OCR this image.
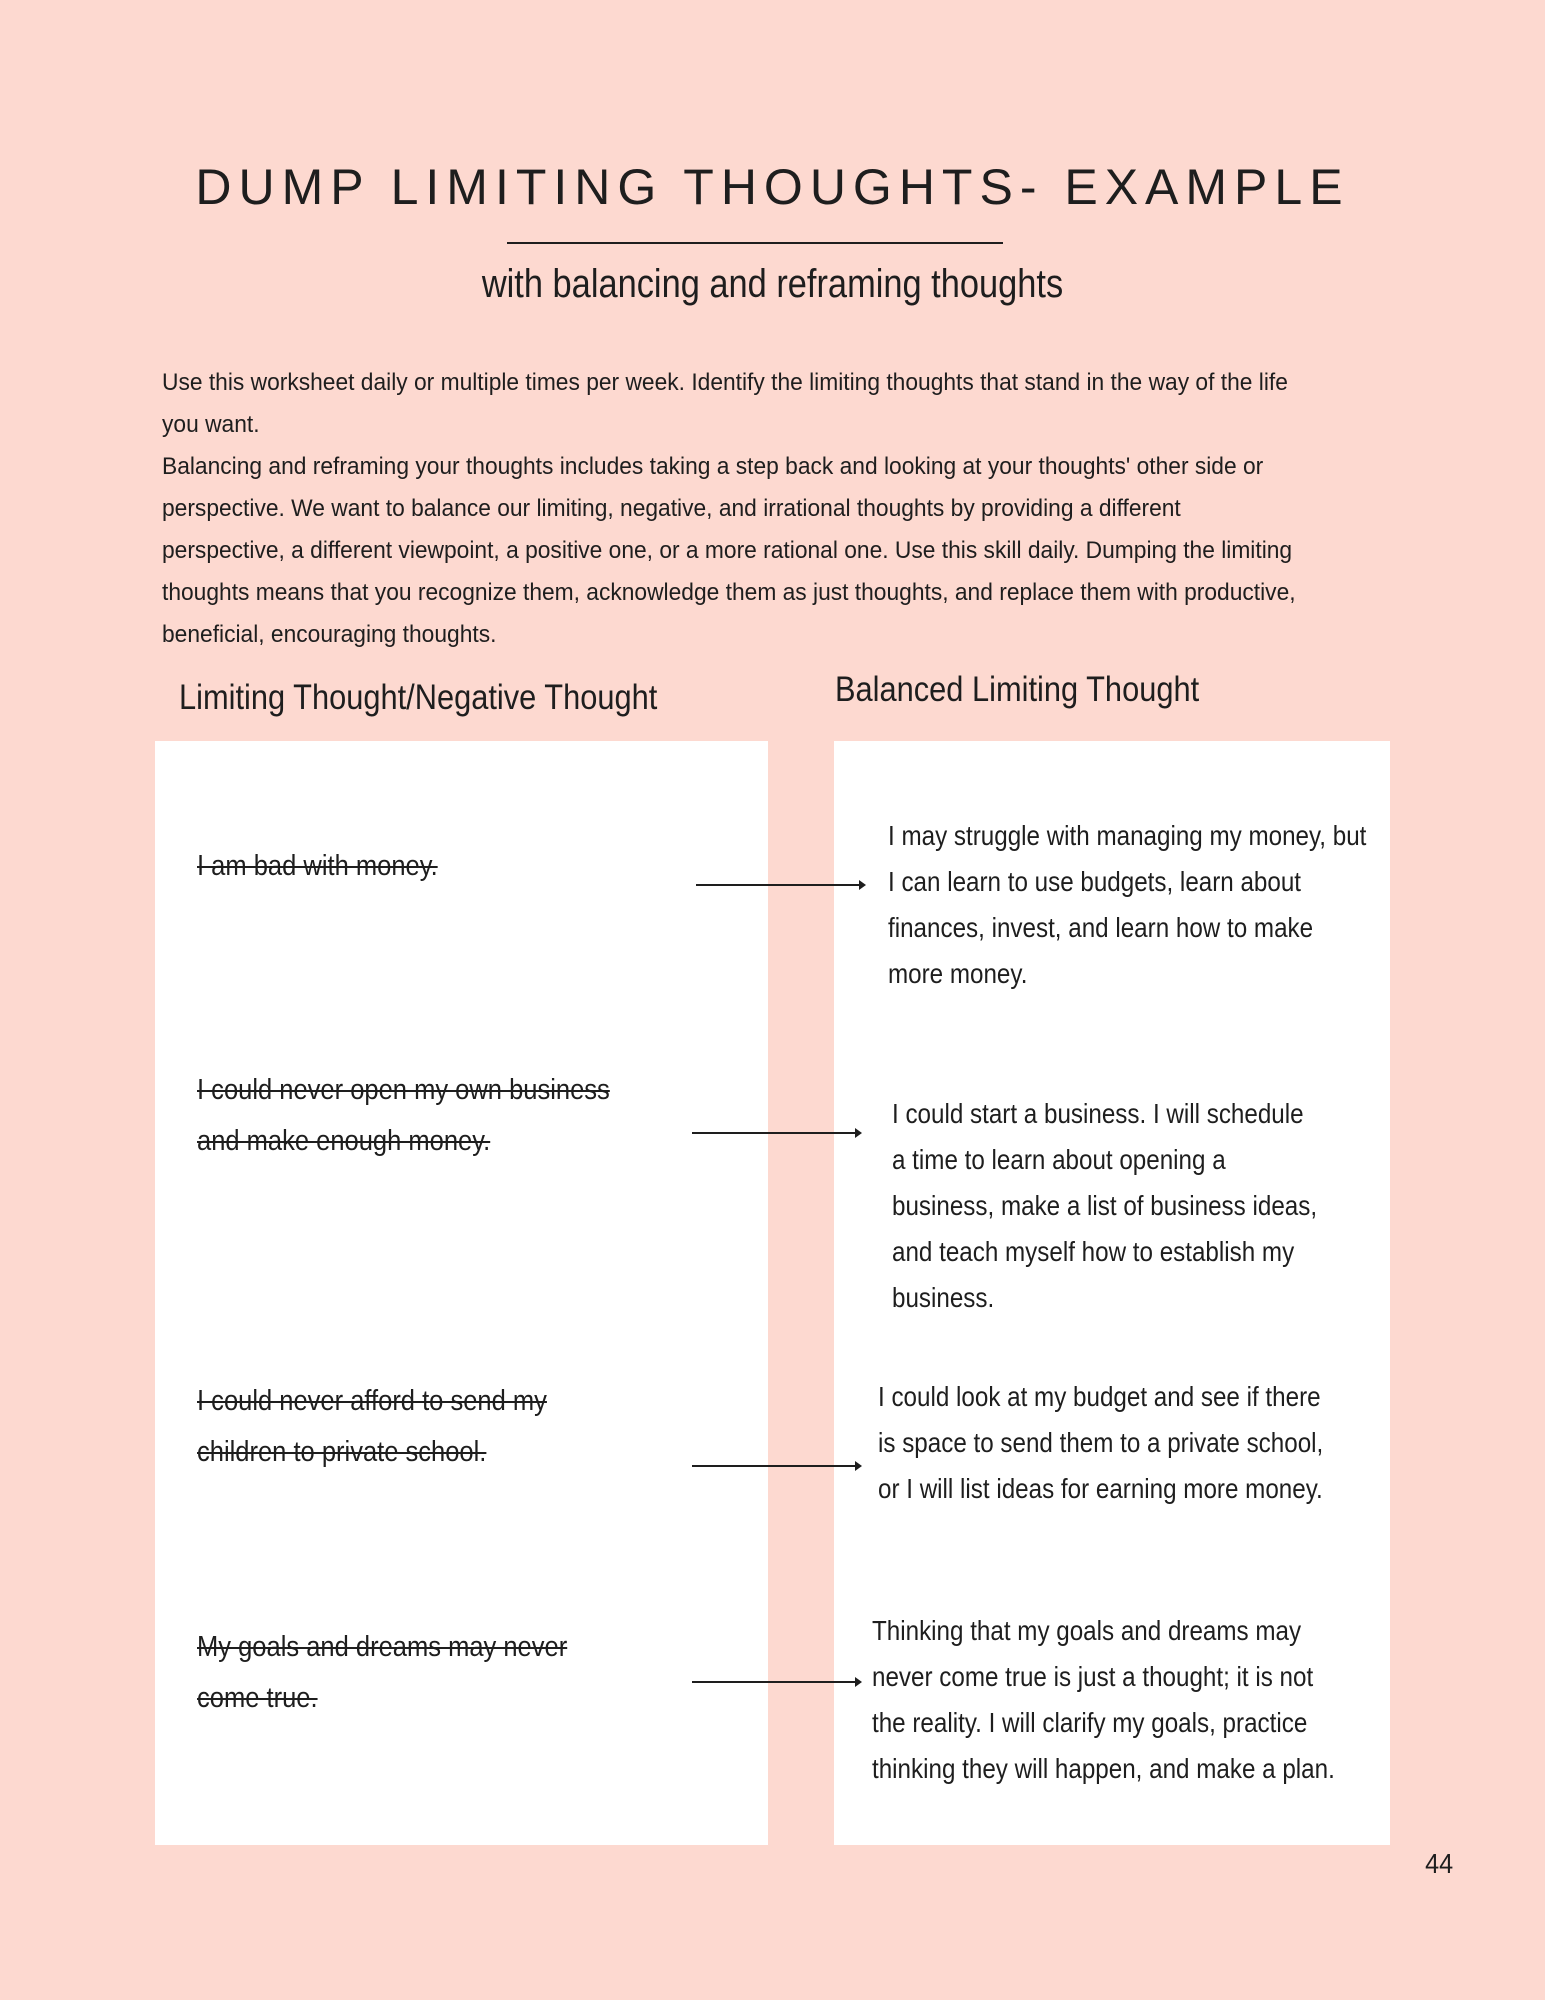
DUMP LIMITING THOUGHTS- EXAMPLE
with balancing and reframing thoughts

Use this worksheet daily or multiple times per week. Identify the limiting thoughts that stand in the way of the life you want.

Balancing and reframing your thoughts includes taking a step back and looking at your thoughts' other side or perspective. We want to balance our limiting, negative, and irrational thoughts by providing a different perspective, a different viewpoint, a positive one, or a more rational one. Use this skill daily. Dumping the limiting thoughts means that you recognize them, acknowledge them as just thoughts, and replace them with productive, beneficial, encouraging thoughts.

Limiting Thought/Negative Thought	Balanced Limiting Thought
I am bad with money.
I may struggle with managing my money, but
I can learn to use budgets, learn about
finances, invest, and learn how to make
more money.
I could never open my own business
and make enough money.
I could start a business. I will schedule
a time to learn about opening a
business, make a list of business ideas,
and teach myself how to establish my
business.
I could never afford to send my
children to private school.
I could look at my budget and see if there
is space to send them to a private school,
or I will list ideas for earning more money.
My goals and dreams may never
come true.
Thinking that my goals and dreams may
never come true is just a thought; it is not
the reality. I will clarify my goals, practice
thinking they will happen, and make a plan.
44
